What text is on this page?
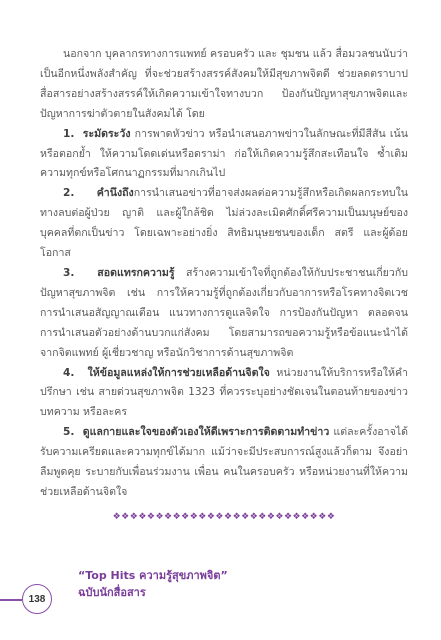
นอกจาก บุคลากรทางการแพทย์ ครอบครัว และ ชุมชน แล้ว สื่อมวลชนนับว่าเป็นอีกหนึ่งพลังสำคัญ ที่จะช่วยสร้างสรรค์สังคมให้มีสุขภาพจิตดี ช่วยลดตราบาป สื่อสารอย่างสร้างสรรค์ให้เกิดความเข้าใจทางบวก ป้องกันปัญหาสุขภาพจิตและปัญหาการฆ่าตัวตายในสังคมได้ โดย

1. ระมัดระวัง การพาดหัวข่าว หรือนำเสนอภาพข่าวในลักษณะที่มีสีสัน เน้นหรือตอกย้ำ ให้ความโดดเด่นหรือดราม่า ก่อให้เกิดความรู้สึกสะเทือนใจ ซ้ำเติมความทุกข์หรือโศกนาฏกรรมที่มากเกินไป

2. คำนึงถึงการนำเสนอข่าวที่อาจส่งผลต่อความรู้สึกหรือเกิดผลกระทบในทางลบต่อผู้ป่วย ญาติ และผู้ใกล้ชิด ไม่ล่วงละเมิดศักดิ์ศรีความเป็นมนุษย์ของบุคคลที่ตกเป็นข่าว โดยเฉพาะอย่างยิ่ง สิทธิมนุษยชนของเด็ก สตรี และผู้ด้อยโอกาส

3. สอดแทรกความรู้ สร้างความเข้าใจที่ถูกต้องให้กับประชาชนเกี่ยวกับปัญหาสุขภาพจิต เช่น การให้ความรู้ที่ถูกต้องเกี่ยวกับอาการหรือโรคทางจิตเวช การนำเสนอสัญญาณเตือน แนวทางการดูแลจิตใจ การป้องกันปัญหา ตลอดจน การนำเสนอตัวอย่างด้านบวกแก่สังคม โดยสามารถขอความรู้หรือข้อแนะนำได้จากจิตแพทย์ ผู้เชี่ยวชาญ หรือนักวิชาการด้านสุขภาพจิต

4. ให้ข้อมูลแหล่งให้การช่วยเหลือด้านจิตใจ หน่วยงานให้บริการหรือให้คำปรึกษา เช่น สายด่วนสุขภาพจิต 1323 ที่ควรระบุอย่างชัดเจนในตอนท้ายของข่าว บทความ หรือละคร

5. ดูแลกายและใจของตัวเองให้ดีเพราะการติดตามทำข่าว แต่ละครั้งอาจได้รับความเครียดและความทุกข์ได้มาก แม้ว่าจะมีประสบการณ์สูงแล้วก็ตาม จึงอย่าลืมพูดคุย ระบายกับเพื่อนร่วมงาน เพื่อน คนในครอบครัว หรือหน่วยงานที่ให้ความช่วยเหลือด้านจิตใจ

❖❖❖❖❖❖❖❖❖❖❖❖❖❖❖❖❖❖❖❖❖❖❖❖❖❖
138
“Top Hits ความรู้สุขภาพจิต”
ฉบับนักสื่อสาร
